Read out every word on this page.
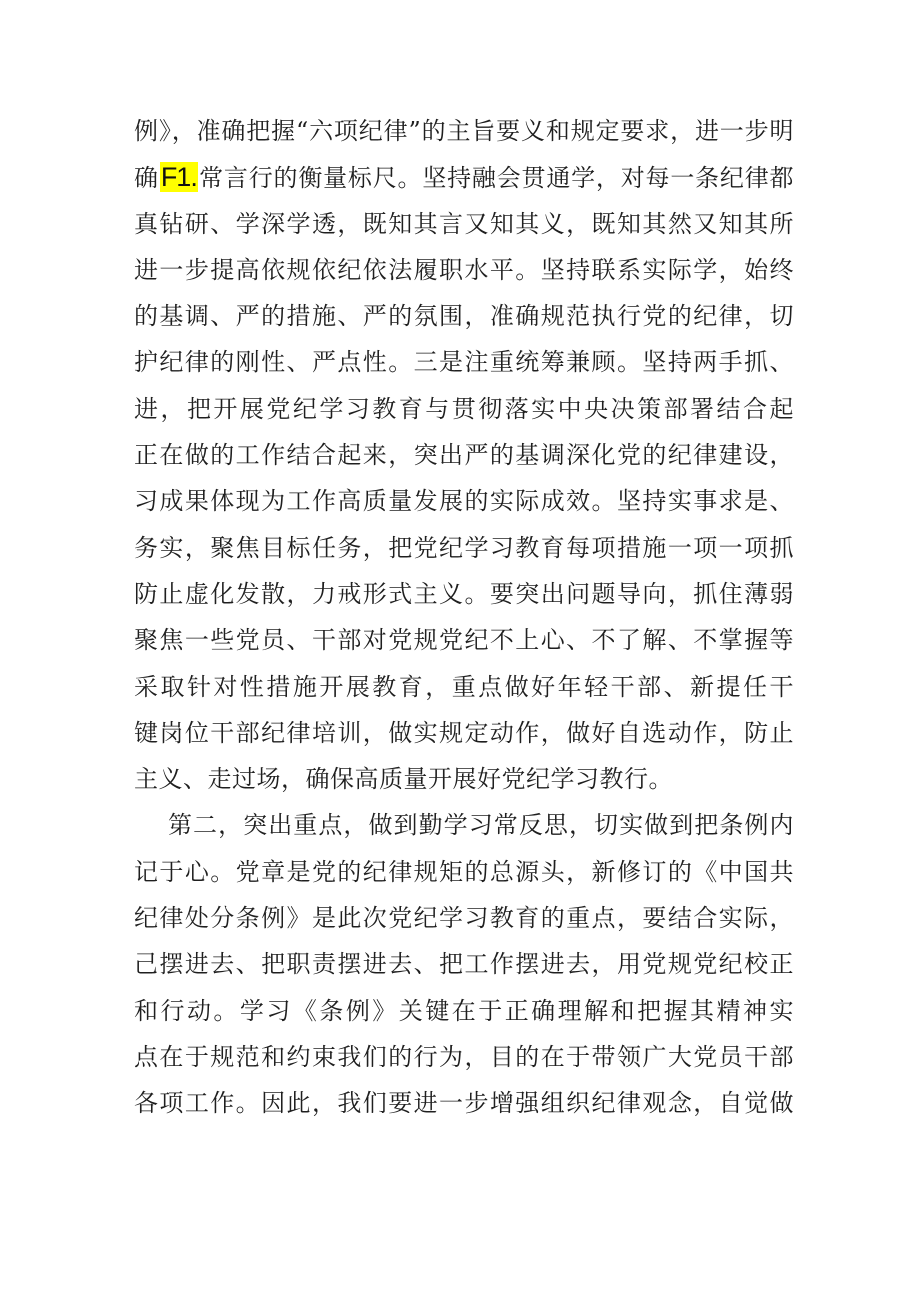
例》，准确把握“六项纪律”的主旨要义和规定要求，进一步明
确F1.常言行的衡量标尺。坚持融会贯通学，对每一条纪律都
真钻研、学深学透，既知其言又知其义，既知其然又知其所
进一步提高依规依纪依法履职水平。坚持联系实际学，始终
的基调、严的措施、严的氛围，准确规范执行党的纪律，切
护纪律的刚性、严点性。三是注重统筹兼顾。坚持两手抓、
进，把开展党纪学习教育与贯彻落实中央决策部署结合起
正在做的工作结合起来，突出严的基调深化党的纪律建设，
习成果体现为工作高质量发展的实际成效。坚持实事求是、
务实，聚焦目标任务，把党纪学习教育每项措施一项一项抓
防止虚化发散，力戒形式主义。要突出问题导向，抓住薄弱
聚焦一些党员、干部对党规党纪不上心、不了解、不掌握等
采取针对性措施开展教育，重点做好年轻干部、新提任干
键岗位干部纪律培训，做实规定动作，做好自选动作，防止
主义、走过场，确保高质量开展好党纪学习教行。
第二，突出重点，做到勤学习常反思，切实做到把条例内
记于心。党章是党的纪律规矩的总源头，新修订的《中国共
纪律处分条例》是此次党纪学习教育的重点，要结合实际，
己摆进去、把职责摆进去、把工作摆进去，用党规党纪校正
和行动。学习《条例》关键在于正确理解和把握其精神实
点在于规范和约束我们的行为，目的在于带领广大党员干部
各项工作。因此，我们要进一步增强组织纪律观念，自觉做
